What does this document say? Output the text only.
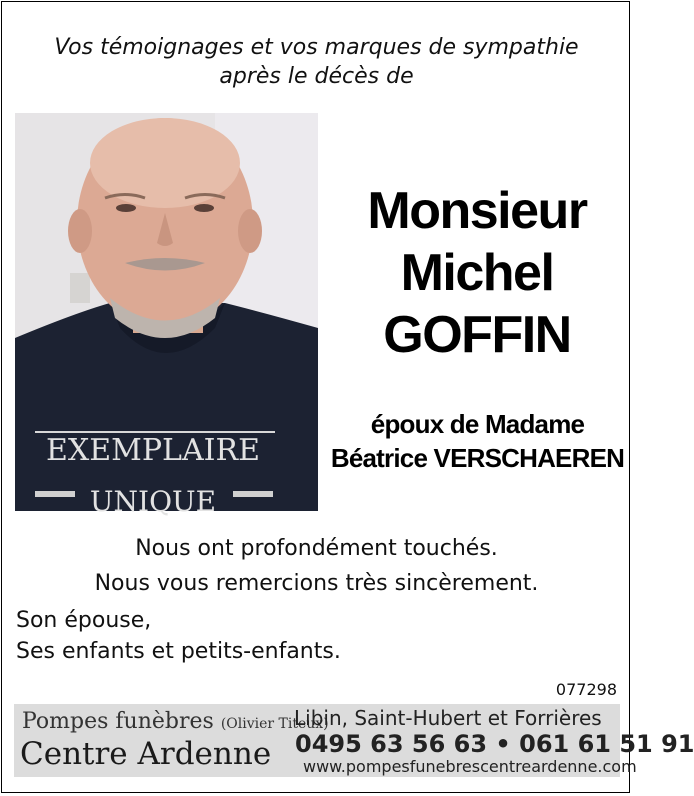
Vos témoignages et vos marques de sympathie
après le décès de
EXEMPLAIRE
UNIQUE
Monsieur
Michel
GOFFIN
époux de Madame
Béatrice VERSCHAEREN
Nous ont profondément touchés.
Nous vous remercions très sincèrement.
Son épouse,
Ses enfants et petits-enfants.
077298
Pompes funèbres (Olivier Titeux)
Centre Ardenne
Libin, Saint-Hubert et Forrières
0495 63 56 63 • 061 61 51 91
www.pompesfunebrescentreardenne.com
